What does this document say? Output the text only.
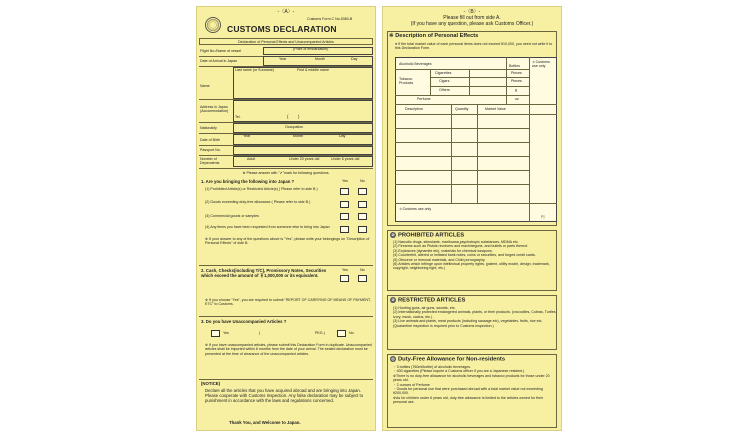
-〈A〉-
Customs Form C No.5360-B
CUSTOMS DECLARATION
Declaration of Personal Effects and Unaccompanied Articles
Flight No./Name of vessel	(Point of embarkation)
Date of Arrival in Japan	Year	Month	Day
Name
Last name (or Surname)	First & middle name
Address in Japan (Accommodation)
Tel.	(        )
Nationality	Occupation
Date of Birth
Year	Month	Day
Passport No.
Number of Dependents
Adult	Under 20 years old	Under 6 years old
※ Please answer with "✔"mark for following questions.
1. Are you bringing the following into Japan ?	Yes	No
(1) Prohibited Article(s) or Restricted Article(s) ( Please refer to side B.)
(2) Goods exceeding duty-free allowance ( Please refer to side B.)
(3) Commercial goods or samples
(4) Any items you have been requested from someone else to bring into Japan
※ If your answer to any of the questions above is "Yes", please write your belongings on "Description of Personal Effects" of side B.
2. Cash, Checks(including T/C), Promissory Notes, Securities which exceed the amount of ￥1,000,000 or its equivalent.
Yes	No
※ If you choose "Yes", you are required to submit "REPORT OF CARRYING OF MEANS OF PAYMENT, ETC" to Customs.
3. Do you have Unaccompanied Articles ?
Yes	(	PKG.)	No
※ If you have unaccompanied articles, please submit this Declaration Form in duplicate. Unaccompanied articles shall be imported within 6 months from the date of your arrival. The sealed declaration must be presented at the time of clearance of the unaccompanied articles.
(NOTICE)
Declare all the articles that you have acquired abroad and are bringing into Japan. Please cooperate with Customs Inspection. Any false declaration may be subject to punishment in accordance with the laws and regulations concerned.
Thank You, and Welcome to Japan.
-〈B〉-
Please fill out from side A.
(If you have any question, please ask Customs Officer.)
※ Description of Personal Effects
● If the total market value of each personal items does not exceed ¥10,000, you need not write it to this Declaration Form.
Alcoholic Beverages	Bottles
＊Customs use only
Tobacco Products
Cigarettes	Pieces
Cigars	Pieces
Others	g
Perfume	oz
Description	Quantity	Market Value
＊Customs use only
円
⊘ PROHIBITED ARTICLES
(1) Narcotic drugs, stimulants, marihuana,psychotropic substances, MDMA etc.
(2) Firearms such as Pistols revolvers and machineguns, and bullets or parts thereof.
(3) Explosives (dynamite etc), materials for chemical weapons.
(4) Counterfeit, altered or imitated bank notes, coins or securities, and forged credit cards.
(5) Obscene or immoral materials, and Child pornography.
(6) Articles which infringe upon intellectual property rights. (patent, utility model, design, trademark, copyright, neighboring right, etc.)
⊘ RESTRICTED ARTICLES
(1) Hunting guns, air guns, swords, etc.
(2) Internationally protected endangered animals, plants, or their products. (crocodiles, Cobras, Turtles, ivory, musk, cactus, etc.)
(3) Live animals and plants, meat products (including sausage etc), vegetables, fruits, rice etc. (Quarantine inspection is required prior to Customs inspection.)
◎ Duty-Free Allowance for Non-residents
・3 bottles (760ml/bottle) of alcoholic beverages.
・400 cigarettes (Please inquire a Customs officer if you are a Japanese resident.)
※There is no duty-free allowance for alcoholic beverages and tobacco products for those under 20 years old.
・2 ounces of Perfume
・Goods for personal use that were purchased abroad with a total market value not exceeding ¥200,000.
※As for children under 6 years old, duty-free allowance is limited to the articles owned for their personal use.
